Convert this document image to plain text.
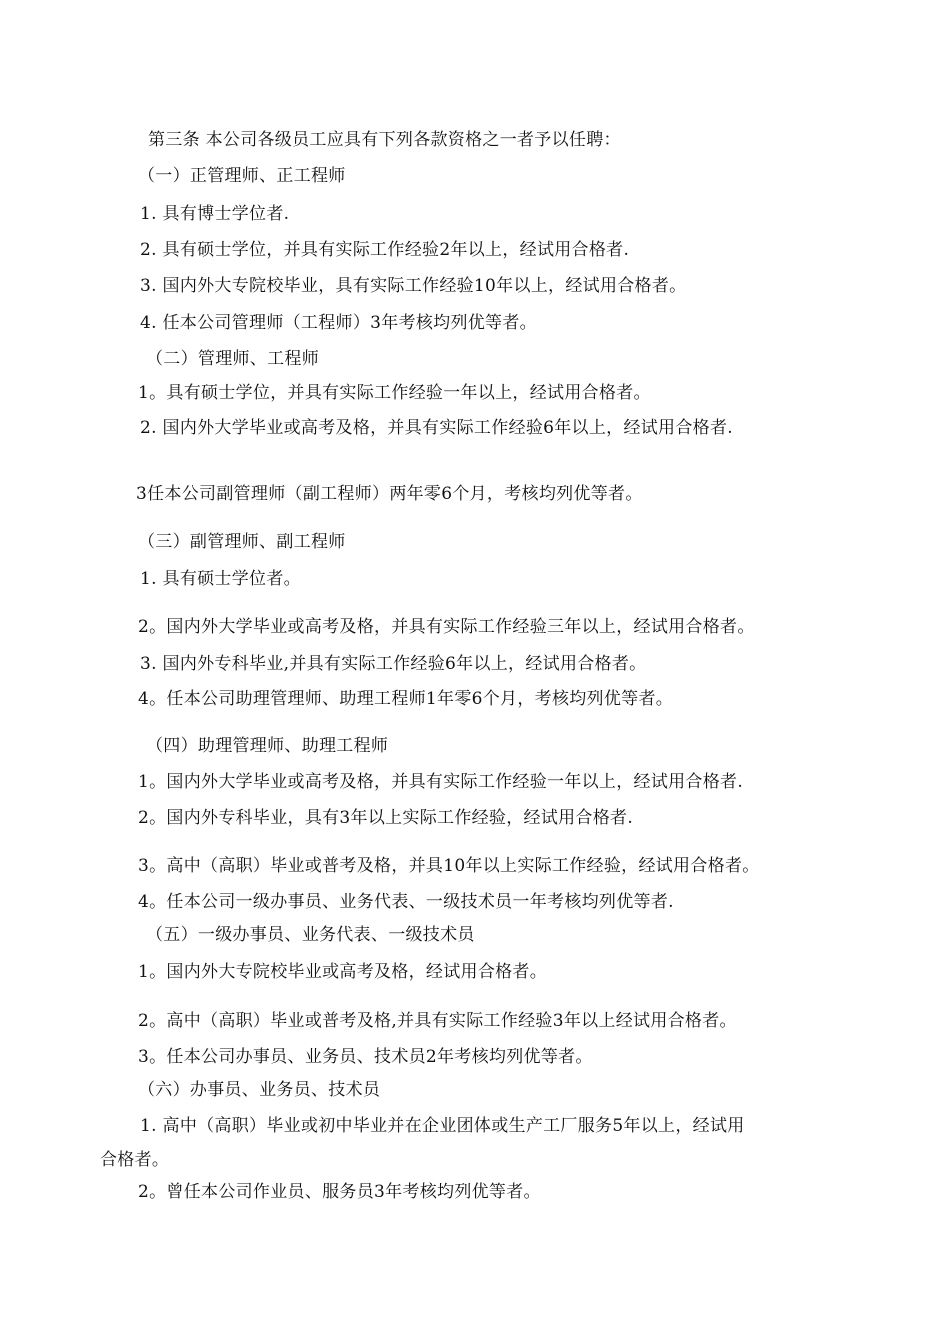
第三条 本公司各级员工应具有下列各款资格之一者予以任聘：
（一）正管理师、正工程师
1. 具有博士学位者.
2. 具有硕士学位，并具有实际工作经验2年以上，经试用合格者.
3. 国内外大专院校毕业，具有实际工作经验10年以上，经试用合格者。
4. 任本公司管理师（工程师）3年考核均列优等者。
（二）管理师、工程师
1。具有硕士学位，并具有实际工作经验一年以上，经试用合格者。
2. 国内外大学毕业或高考及格，并具有实际工作经验6年以上，经试用合格者.
3任本公司副管理师（副工程师）两年零6个月，考核均列优等者。
（三）副管理师、副工程师
1. 具有硕士学位者。
2。国内外大学毕业或高考及格，并具有实际工作经验三年以上，经试用合格者。
3. 国内外专科毕业,并具有实际工作经验6年以上，经试用合格者。
4。任本公司助理管理师、助理工程师1年零6个月，考核均列优等者。
（四）助理管理师、助理工程师
1。国内外大学毕业或高考及格，并具有实际工作经验一年以上，经试用合格者.
2。国内外专科毕业，具有3年以上实际工作经验，经试用合格者.
3。高中（高职）毕业或普考及格，并具10年以上实际工作经验，经试用合格者。
4。任本公司一级办事员、业务代表、一级技术员一年考核均列优等者.
（五）一级办事员、业务代表、一级技术员
1。国内外大专院校毕业或高考及格，经试用合格者。
2。高中（高职）毕业或普考及格,并具有实际工作经验3年以上经试用合格者。
3。任本公司办事员、业务员、技术员2年考核均列优等者。
（六）办事员、业务员、技术员
1. 高中（高职）毕业或初中毕业并在企业团体或生产工厂服务5年以上，经试用
合格者。
2。曾任本公司作业员、服务员3年考核均列优等者。
